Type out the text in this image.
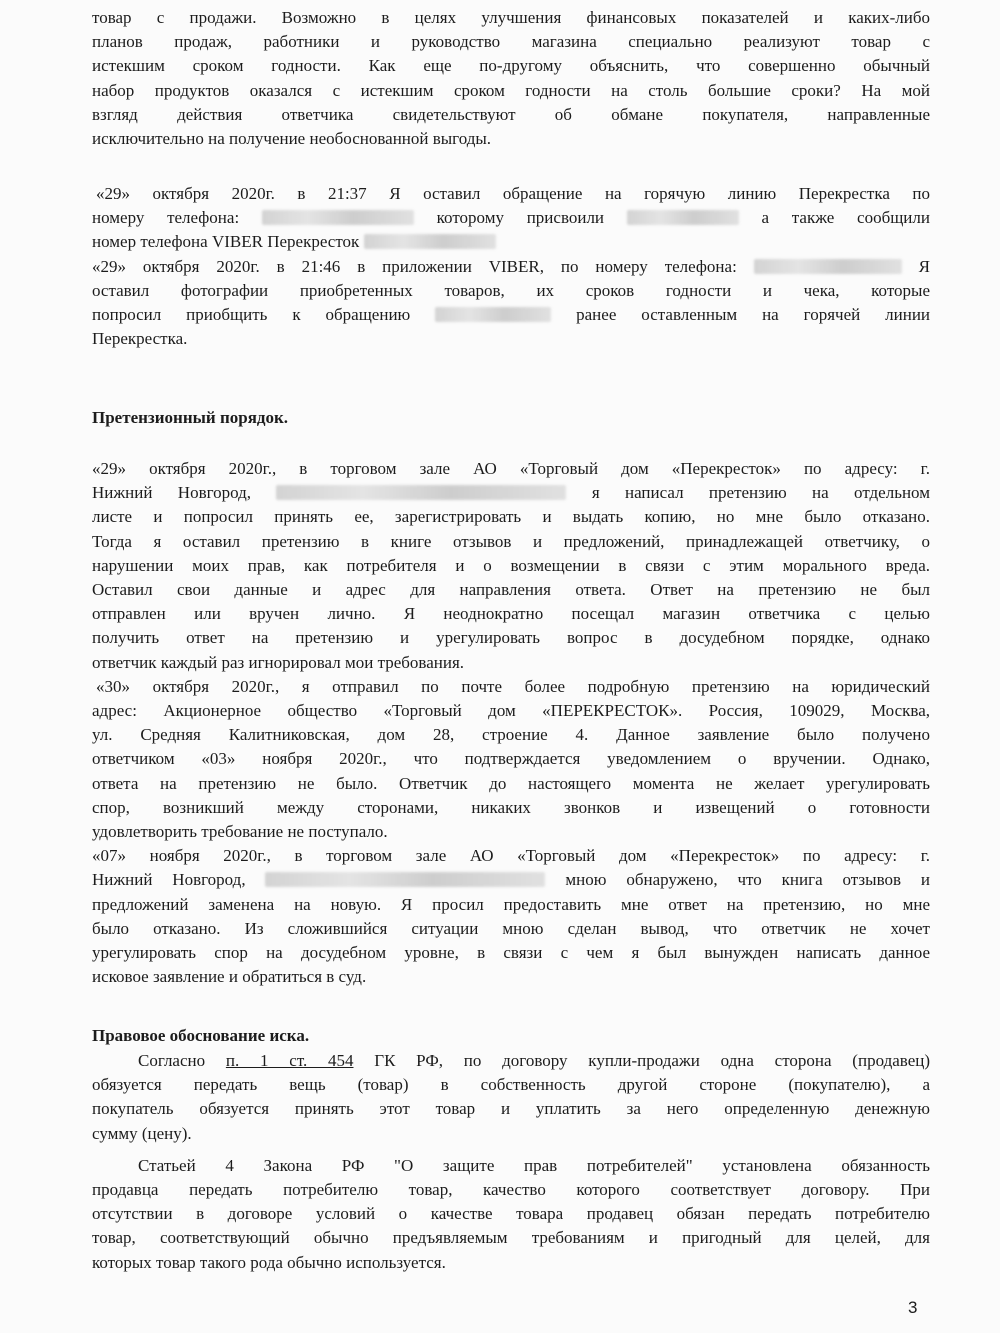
товар с продажи. Возможно в целях улучшения финансовых показателей и каких-либо
планов продаж, работники и руководство магазина специально реализуют товар с
истекшим сроком годности. Как еще по-другому объяснить, что совершенно обычный
набор продуктов оказался с истекшим сроком годности на столь большие сроки? На мой
взгляд действия ответчика свидетельствуют об обмане покупателя, направленные
исключительно на получение необоснованной выгоды.
«29» октября 2020г. в 21:37 Я оставил обращение на горячую линию Перекрестка по
номеру телефона:	которому присвоили	а также сообщили
номер телефона VIBER Перекресток
«29» октября 2020г. в 21:46 в приложении VIBER, по номеру телефона:	Я
оставил фотографии приобретенных товаров, их сроков годности и чека, которые
попросил приобщить к обращению	ранее оставленным на горячей линии
Перекрестка.
Претензионный порядок.
«29» октября 2020г., в торговом зале АО «Торговый дом «Перекресток» по адресу: г.
Нижний Новгород,	я написал претензию на отдельном
листе и попросил принять ее, зарегистрировать и выдать копию, но мне было отказано.
Тогда я оставил претензию в книге отзывов и предложений, принадлежащей ответчику, о
нарушении моих прав, как потребителя и о возмещении в связи с этим морального вреда.
Оставил свои данные и адрес для направления ответа. Ответ на претензию не был
отправлен или вручен лично. Я неоднократно посещал магазин ответчика с целью
получить ответ на претензию и урегулировать вопрос в досудебном порядке, однако
ответчик каждый раз игнорировал мои требования.
«30» октября 2020г., я отправил по почте более подробную претензию на юридический
адрес: Акционерное общество «Торговый дом «ПЕРЕКРЕСТОК». Россия, 109029, Москва,
ул. Средняя Калитниковская, дом 28, строение 4. Данное заявление было получено
ответчиком «03» ноября 2020г., что подтверждается уведомлением о вручении. Однако,
ответа на претензию не было. Ответчик до настоящего момента не желает урегулировать
спор, возникший между сторонами, никаких звонков и извещений о готовности
удовлетворить требование не поступало.
«07» ноября 2020г., в торговом зале АО «Торговый дом «Перекресток» по адресу: г.
Нижний Новгород,	мною обнаружено, что книга отзывов и
предложений заменена на новую. Я просил предоставить мне ответ на претензию, но мне
было отказано. Из сложившийся ситуации мною сделан вывод, что ответчик не хочет
урегулировать спор на досудебном уровне, в связи с чем я был вынужден написать данное
исковое заявление и обратиться в суд.
Правовое обоснование иска.
Согласно п. 1 ст. 454 ГК РФ, по договору купли-продажи одна сторона (продавец)
обязуется передать вещь (товар) в собственность другой стороне (покупателю), а
покупатель обязуется принять этот товар и уплатить за него определенную денежную
сумму (цену).
Статьей 4 Закона РФ "О защите прав потребителей" установлена обязанность
продавца передать потребителю товар, качество которого соответствует договору. При
отсутствии в договоре условий о качестве товара продавец обязан передать потребителю
товар, соответствующий обычно предъявляемым требованиям и пригодный для целей, для
которых товар такого рода обычно используется.
3
